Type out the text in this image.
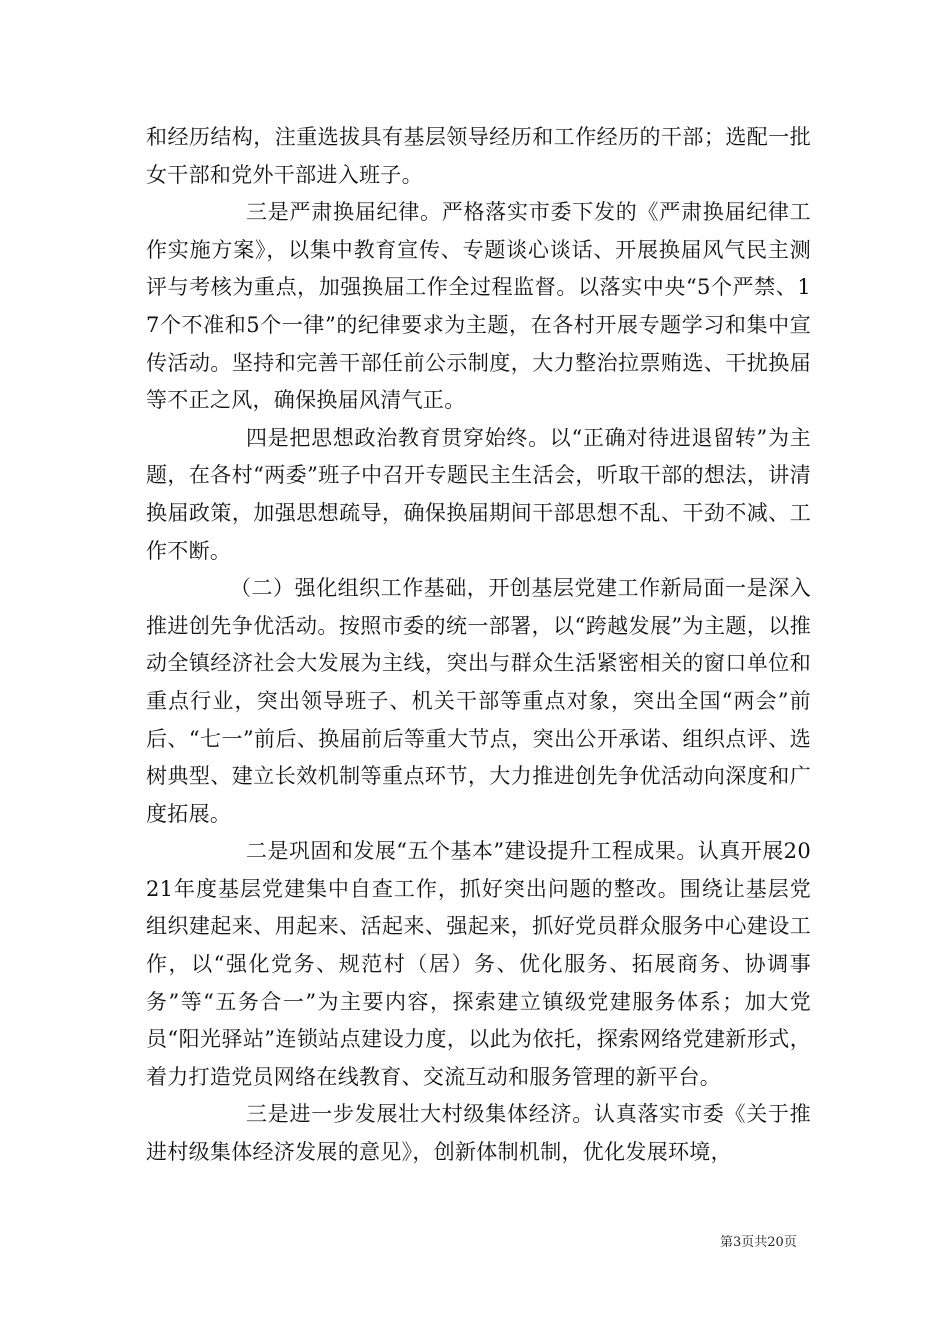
和经历结构，注重选拔具有基层领导经历和工作经历的干部；选配一批女干部和党外干部进入班子。

三是严肃换届纪律。严格落实市委下发的《严肃换届纪律工作实施方案》，以集中教育宣传、专题谈心谈话、开展换届风气民主测评与考核为重点，加强换届工作全过程监督。以落实中央“5个严禁、17个不准和5个一律”的纪律要求为主题，在各村开展专题学习和集中宣传活动。坚持和完善干部任前公示制度，大力整治拉票贿选、干扰换届等不正之风，确保换届风清气正。

四是把思想政治教育贯穿始终。以“正确对待进退留转”为主题，在各村“两委”班子中召开专题民主生活会，听取干部的想法，讲清换届政策，加强思想疏导，确保换届期间干部思想不乱、干劲不减、工作不断。

（二）强化组织工作基础，开创基层党建工作新局面一是深入推进创先争优活动。按照市委的统一部署，以“跨越发展”为主题，以推动全镇经济社会大发展为主线，突出与群众生活紧密相关的窗口单位和重点行业，突出领导班子、机关干部等重点对象，突出全国“两会”前后、“七一”前后、换届前后等重大节点，突出公开承诺、组织点评、选树典型、建立长效机制等重点环节，大力推进创先争优活动向深度和广度拓展。

二是巩固和发展“五个基本”建设提升工程成果。认真开展2021年度基层党建集中自查工作，抓好突出问题的整改。围绕让基层党组织建起来、用起来、活起来、强起来，抓好党员群众服务中心建设工作，以“强化党务、规范村（居）务、优化服务、拓展商务、协调事务”等“五务合一”为主要内容，探索建立镇级党建服务体系；加大党员“阳光驿站”连锁站点建设力度，以此为依托，探索网络党建新形式，着力打造党员网络在线教育、交流互动和服务管理的新平台。

三是进一步发展壮大村级集体经济。认真落实市委《关于推进村级集体经济发展的意见》，创新体制机制，优化发展环境，

第3页共20页
